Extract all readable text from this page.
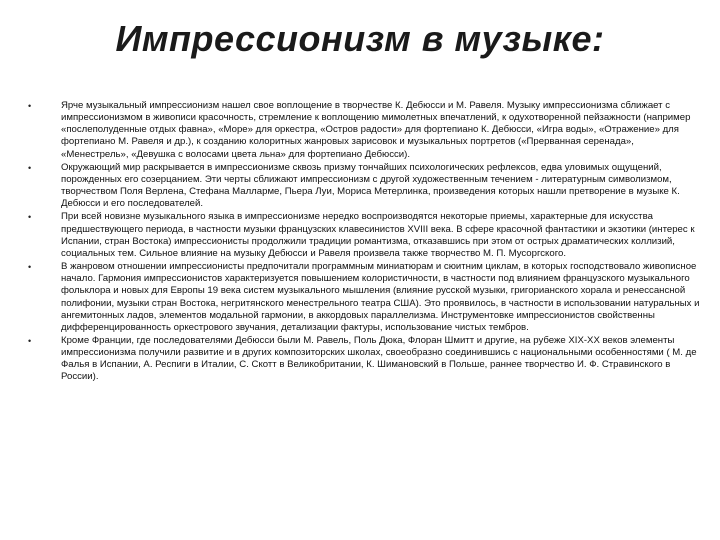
Импрессионизм в музыке:
•	Ярче музыкальный импрессионизм нашел свое воплощение в творчестве К. Дебюсси и М. Равеля. Музыку импрессионизма сближает с импрессионизмом в живописи красочность, стремление к воплощению мимолетных впечатлений, к одухотворенной пейзажности (например «послеполуденные отдых фавна», «Море» для оркестра, «Остров радости» для фортепиано К. Дебюсси, «Игра воды», «Отражение» для фортепиано М. Равеля и др.), к созданию колоритных жанровых зарисовок и музыкальных портретов («Прерванная серенада», «Менестрель», «Девушка с волосами цвета льна» для фортепиано Дебюсси).
•	Окружающий мир раскрывается в импрессионизме сквозь призму тончайших психологических рефлексов, едва уловимых ощущений, порожденных его созерцанием. Эти черты сближают импрессионизм с другой художественным течением - литературным символизмом, творчеством Поля Верлена, Стефана Малларме, Пьера Луи, Мориса Метерлинка, произведения которых нашли претворение в музыке К. Дебюсси и его последователей.
•	При всей новизне музыкального языка в импрессионизме нередко воспроизводятся некоторые приемы, характерные для искусства предшествующего периода, в частности музыки французских клавесинистов XVIII века. В сфере красочной фантастики и экзотики (интерес к Испании, стран Востока) импрессионисты продолжили традиции романтизма, отказавшись при этом от острых драматических коллизий, социальных тем. Сильное влияние на музыку Дебюсси и Равеля произвела также творчество М. П. Мусоргского.
•	В жанровом отношении импрессионисты предпочитали программным миниатюрам и сюитним циклам, в которых господствовало живописное начало. Гармония импрессионистов характеризуется повышением колористичности, в частности под влиянием французского музыкального фольклора и новых для Европы 19 века систем музыкального мышления (влияние русской музыки, григорианского хорала и ренессансной полифонии, музыки стран Востока, негритянского менестрельного театра США). Это проявилось, в частности в использовании натуральных и ангемитонных ладов, элементов модальной гармонии, в аккордовых параллелизма. Инструментовке импрессионистов свойственны дифференцированность оркестрового звучания, детализации фактуры, использование чистых тембров.
•	Кроме Франции, где последователями Дебюсси были М. Равель, Поль Дюка, Флоран Шмитт и другие, на рубеже XIX-XX веков элементы импрессионизма получили развитие и в других композиторских школах, своеобразно соединившись с национальными особенностями ( М. де Фалья в Испании, А. Респиги в Италии, С. Скотт в Великобритании, К. Шимановский в Польше, раннее творчество И. Ф. Стравинского в России).
